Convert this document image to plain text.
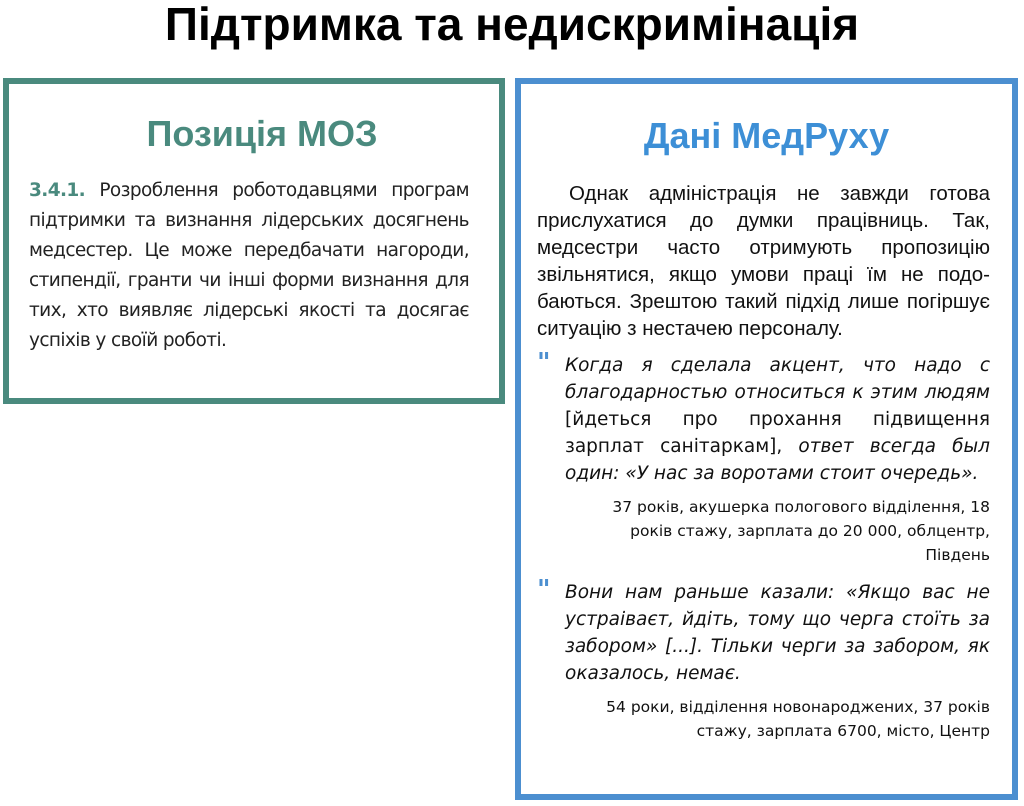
Підтримка та недискримінація
Позиція МОЗ

3.4.1. Розроблення роботодавцями програм підтримки та визнання лідерських досягнень медсестер. Це може передбачати нагороди, стипендії, гранти чи інші форми визнання для тих, хто виявляє лідерські якості та досягає успіхів у своїй роботі.

Дані МедРуху

Однак адміністрація не завжди готова прислухатися до думки працівниць. Так, медсестри часто отримують пропозицію звільнятися, якщо умови праці їм не подобаються. Зрештою такий підхід лише погіршує ситуацію з нестачею персоналу.

" Когда я сделала акцент, что надо с благодарностью относиться к этим людям [йдеться про прохання підвищення зарплат санітаркам], ответ всегда был один: «У нас за воротами стоит очередь».
37 років, акушерка пологового відділення, 18 років стажу, зарплата до 20 000, облцентр, Південь
" Вони нам раньше казали: «Якщо вас не устраіваєт, йдіть, тому що черга стоїть за забором» [...]. Тільки черги за забором, як оказалось, немає.
54 роки, відділення новонароджених, 37 років стажу, зарплата 6700, місто, Центр
